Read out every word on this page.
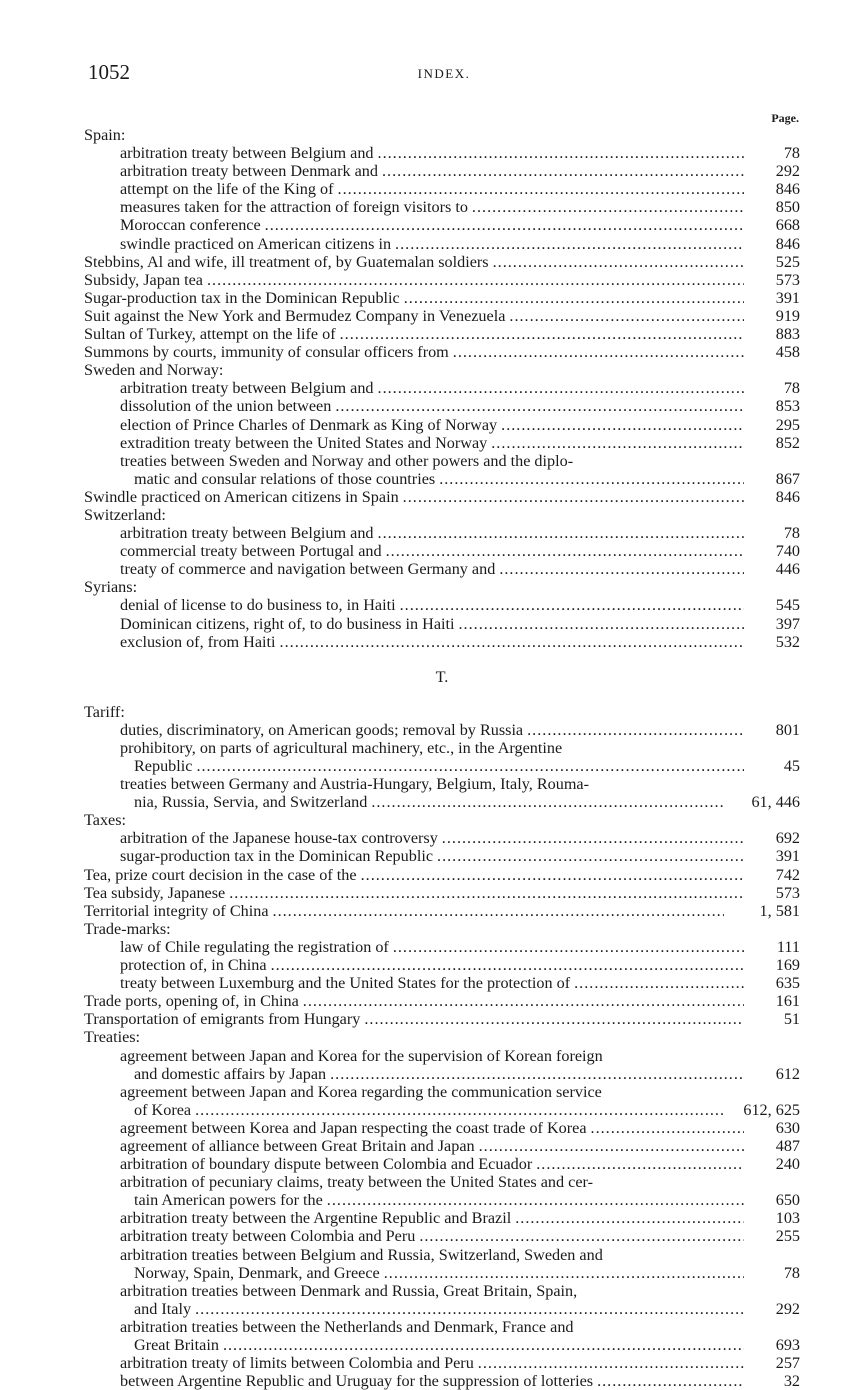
1052	INDEX.
Page.
Spain:
arbitration treaty between Belgium and .....	78
arbitration treaty between Denmark and .....	292
attempt on the life of the King of .....	846
measures taken for the attraction of foreign visitors to .....	850
Moroccan conference .....	668
swindle practiced on American citizens in .....	846
Stebbins, Al and wife, ill treatment of, by Guatemalan soldiers .....	525
Subsidy, Japan tea .....	573
Sugar-production tax in the Dominican Republic .....	391
Suit against the New York and Bermudez Company in Venezuela .....	919
Sultan of Turkey, attempt on the life of .....	883
Summons by courts, immunity of consular officers from .....	458
Sweden and Norway:
arbitration treaty between Belgium and .....	78
dissolution of the union between .....	853
election of Prince Charles of Denmark as King of Norway .....	295
extradition treaty between the United States and Norway .....	852
treaties between Sweden and Norway and other powers and the diplo-
matic and consular relations of those countries .....	867
Swindle practiced on American citizens in Spain .....	846
Switzerland:
arbitration treaty between Belgium and .....	78
commercial treaty between Portugal and .....	740
treaty of commerce and navigation between Germany and .....	446
Syrians:
denial of license to do business to, in Haiti .....	545
Dominican citizens, right of, to do business in Haiti .....	397
exclusion of, from Haiti .....	532
T.
Tariff:
duties, discriminatory, on American goods; removal by Russia .....	801
prohibitory, on parts of agricultural machinery, etc., in the Argentine
Republic .....	45
treaties between Germany and Austria-Hungary, Belgium, Italy, Rouma-
nia, Russia, Servia, and Switzerland .....	61, 446
Taxes:
arbitration of the Japanese house-tax controversy .....	692
sugar-production tax in the Dominican Republic .....	391
Tea, prize court decision in the case of the .....	742
Tea subsidy, Japanese .....	573
Territorial integrity of China .....	1, 581
Trade-marks:
law of Chile regulating the registration of .....	111
protection of, in China .....	169
treaty between Luxemburg and the United States for the protection of .....	635
Trade ports, opening of, in China .....	161
Transportation of emigrants from Hungary .....	51
Treaties:
agreement between Japan and Korea for the supervision of Korean foreign
and domestic affairs by Japan .....	612
agreement between Japan and Korea regarding the communication service
of Korea .....	612, 625
agreement between Korea and Japan respecting the coast trade of Korea .....	630
agreement of alliance between Great Britain and Japan .....	487
arbitration of boundary dispute between Colombia and Ecuador .....	240
arbitration of pecuniary claims, treaty between the United States and cer-
tain American powers for the .....	650
arbitration treaty between the Argentine Republic and Brazil .....	103
arbitration treaty between Colombia and Peru .....	255
arbitration treaties between Belgium and Russia, Switzerland, Sweden and
Norway, Spain, Denmark, and Greece .....	78
arbitration treaties between Denmark and Russia, Great Britain, Spain,
and Italy .....	292
arbitration treaties between the Netherlands and Denmark, France and
Great Britain .....	693
arbitration treaty of limits between Colombia and Peru .....	257
between Argentine Republic and Uruguay for the suppression of lotteries .....	32
